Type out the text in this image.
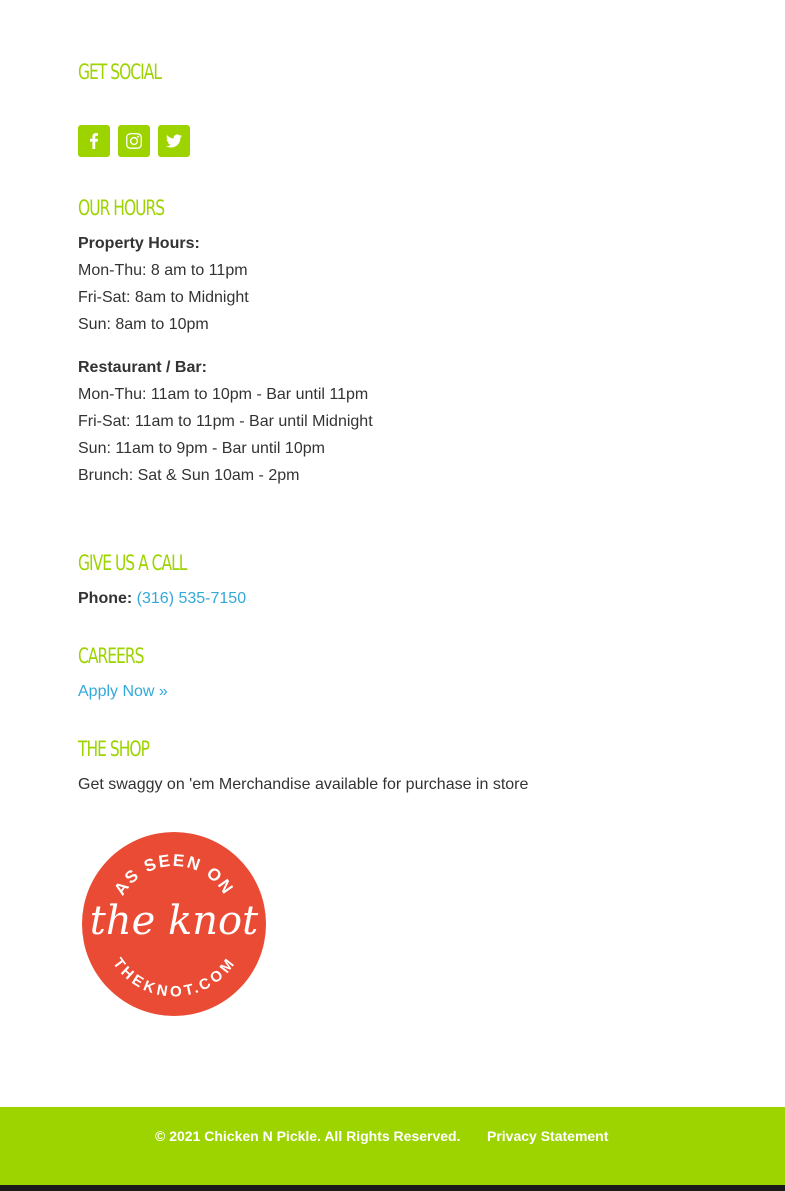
GET SOCIAL
OUR HOURS
Property Hours:
Mon-Thu: 8 am to 11pm
Fri-Sat: 8am to Midnight
Sun: 8am to 10pm
Restaurant / Bar:
Mon-Thu: 11am to 10pm - Bar until 11pm
Fri-Sat: 11am to 11pm - Bar until Midnight
Sun: 11am to 9pm - Bar until 10pm
Brunch: Sat & Sun 10am - 2pm
GIVE US A CALL
Phone: (316) 535-7150
CAREERS
Apply Now »
THE SHOP
Get swaggy on 'em Merchandise available for purchase in store
AS SEEN ON
the knot
THEKNOT.COM
© 2021 Chicken N Pickle. All Rights Reserved. Privacy Statement
